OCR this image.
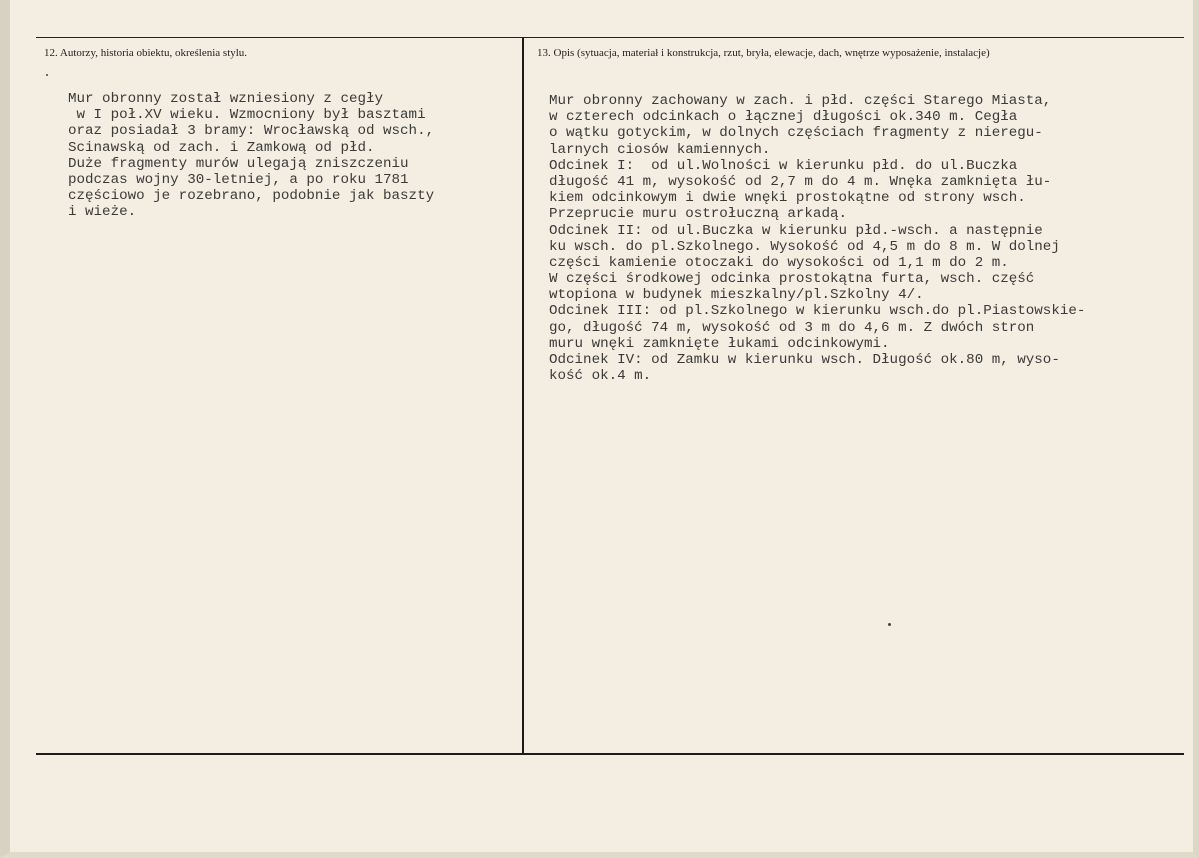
12. Autorzy, historia obiektu, określenia stylu.	13. Opis (sytuacja, materiał i konstrukcja, rzut, bryła, elewacje, dach, wnętrze wyposażenie, instalacje)
Mur obronny został wzniesiony z cegły
w I poł.XV wieku. Wzmocniony był basztami
oraz posiadał 3 bramy: Wrocławską od wsch.,
Scinawską od zach. i Zamkową od płd.
Duże fragmenty murów ulegają zniszczeniu
podczas wojny 30-letniej, a po roku 1781
częściowo je rozebrano, podobnie jak baszty
i wieże.
Mur obronny zachowany w zach. i płd. części Starego Miasta,
w czterech odcinkach o łącznej długości ok.340 m. Cegła
o wątku gotyckim, w dolnych częściach fragmenty z nieregu-
larnych ciosów kamiennych.
Odcinek I:  od ul.Wolności w kierunku płd. do ul.Buczka
długość 41 m, wysokość od 2,7 m do 4 m. Wnęka zamknięta łu-
kiem odcinkowym i dwie wnęki prostokątne od strony wsch.
Przeprucie muru ostrołuczną arkadą.
Odcinek II: od ul.Buczka w kierunku płd.-wsch. a następnie
ku wsch. do pl.Szkolnego. Wysokość od 4,5 m do 8 m. W dolnej
części kamienie otoczaki do wysokości od 1,1 m do 2 m.
W części środkowej odcinka prostokątna furta, wsch. część
wtopiona w budynek mieszkalny/pl.Szkolny 4/.
Odcinek III: od pl.Szkolnego w kierunku wsch.do pl.Piastowskie-
go, długość 74 m, wysokość od 3 m do 4,6 m. Z dwóch stron
muru wnęki zamknięte łukami odcinkowymi.
Odcinek IV: od Zamku w kierunku wsch. Długość ok.80 m, wyso-
kość ok.4 m.
